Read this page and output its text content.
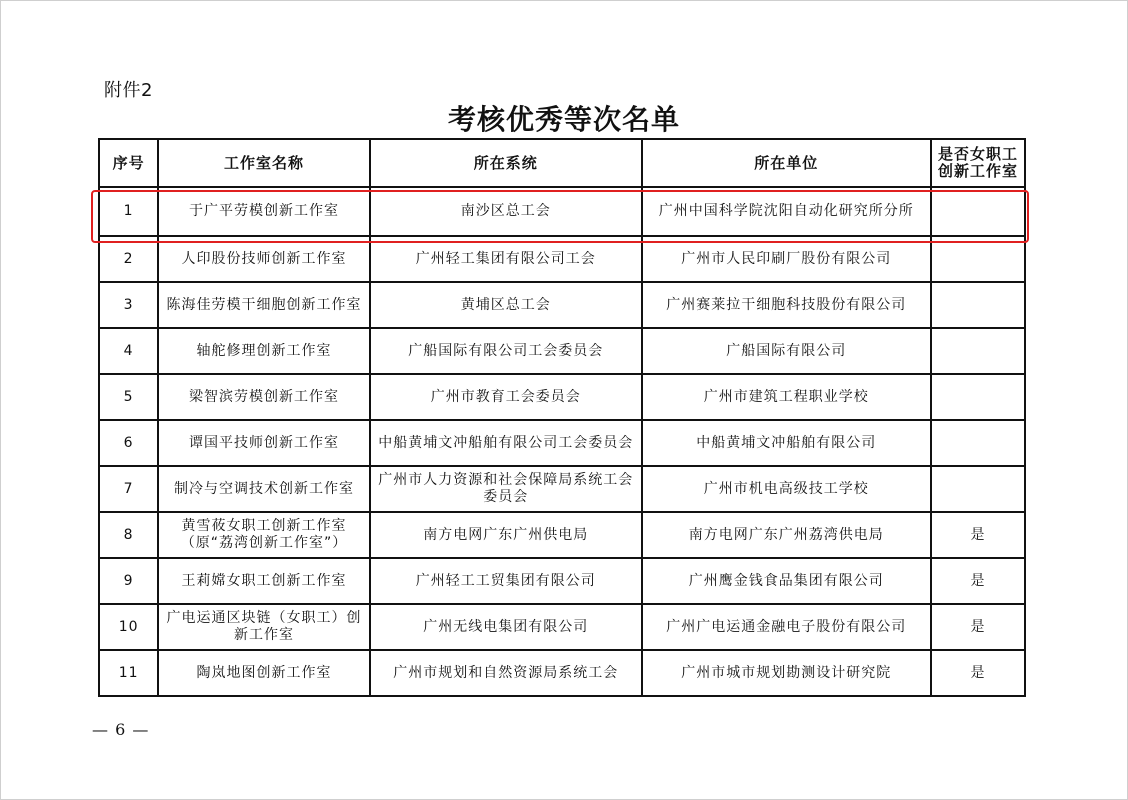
附件2
考核优秀等次名单
序号	工作室名称	所在系统	所在单位	是否女职工创新工作室
1	于广平劳模创新工作室	南沙区总工会	广州中国科学院沈阳自动化研究所分所	
2	人印股份技师创新工作室	广州轻工集团有限公司工会	广州市人民印刷厂股份有限公司	
3	陈海佳劳模干细胞创新工作室	黄埔区总工会	广州赛莱拉干细胞科技股份有限公司	
4	轴舵修理创新工作室	广船国际有限公司工会委员会	广船国际有限公司	
5	梁智滨劳模创新工作室	广州市教育工会委员会	广州市建筑工程职业学校	
6	谭国平技师创新工作室	中船黄埔文冲船舶有限公司工会委员会	中船黄埔文冲船舶有限公司	
7	制冷与空调技术创新工作室	广州市人力资源和社会保障局系统工会委员会	广州市机电高级技工学校	
8	黄雪莜女职工创新工作室（原“荔湾创新工作室”）	南方电网广东广州供电局	南方电网广东广州荔湾供电局	是
9	王莉嫦女职工创新工作室	广州轻工工贸集团有限公司	广州鹰金钱食品集团有限公司	是
10	广电运通区块链（女职工）创新工作室	广州无线电集团有限公司	广州广电运通金融电子股份有限公司	是
11	陶岚地图创新工作室	广州市规划和自然资源局系统工会	广州市城市规划勘测设计研究院	是
— 6 —
